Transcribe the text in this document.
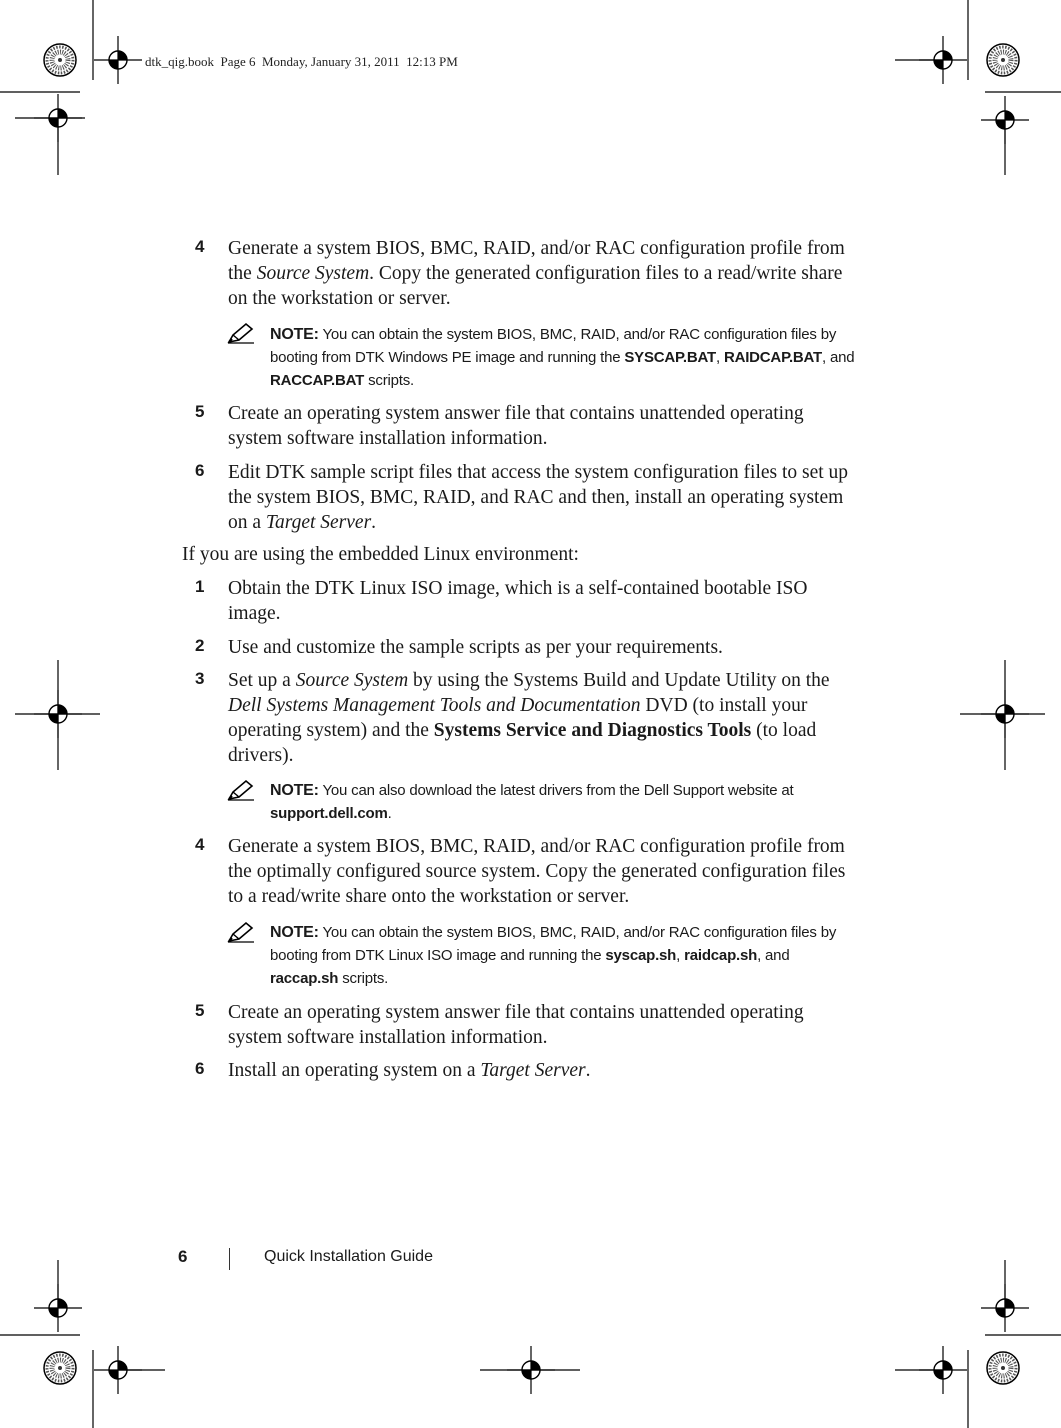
dtk_qig.book  Page 6  Monday, January 31, 2011  12:13 PM
4 Generate a system BIOS, BMC, RAID, and/or RAC configuration profile from the Source System. Copy the generated configuration files to a read/write share on the workstation or server.
NOTE: You can obtain the system BIOS, BMC, RAID, and/or RAC configuration files by booting from DTK Windows PE image and running the SYSCAP.BAT, RAIDCAP.BAT, and RACCAP.BAT scripts.
5 Create an operating system answer file that contains unattended operating system software installation information.
6 Edit DTK sample script files that access the system configuration files to set up the system BIOS, BMC, RAID, and RAC and then, install an operating system on a Target Server.
If you are using the embedded Linux environment:
1 Obtain the DTK Linux ISO image, which is a self-contained bootable ISO image.
2 Use and customize the sample scripts as per your requirements.
3 Set up a Source System by using the Systems Build and Update Utility on the Dell Systems Management Tools and Documentation DVD (to install your operating system) and the Systems Service and Diagnostics Tools (to load drivers).
NOTE: You can also download the latest drivers from the Dell Support website at support.dell.com.
4 Generate a system BIOS, BMC, RAID, and/or RAC configuration profile from the optimally configured source system. Copy the generated configuration files to a read/write share onto the workstation or server.
NOTE: You can obtain the system BIOS, BMC, RAID, and/or RAC configuration files by booting from DTK Linux ISO image and running the syscap.sh, raidcap.sh, and raccap.sh scripts.
5 Create an operating system answer file that contains unattended operating system software installation information.
6 Install an operating system on a Target Server.
6	Quick Installation Guide
